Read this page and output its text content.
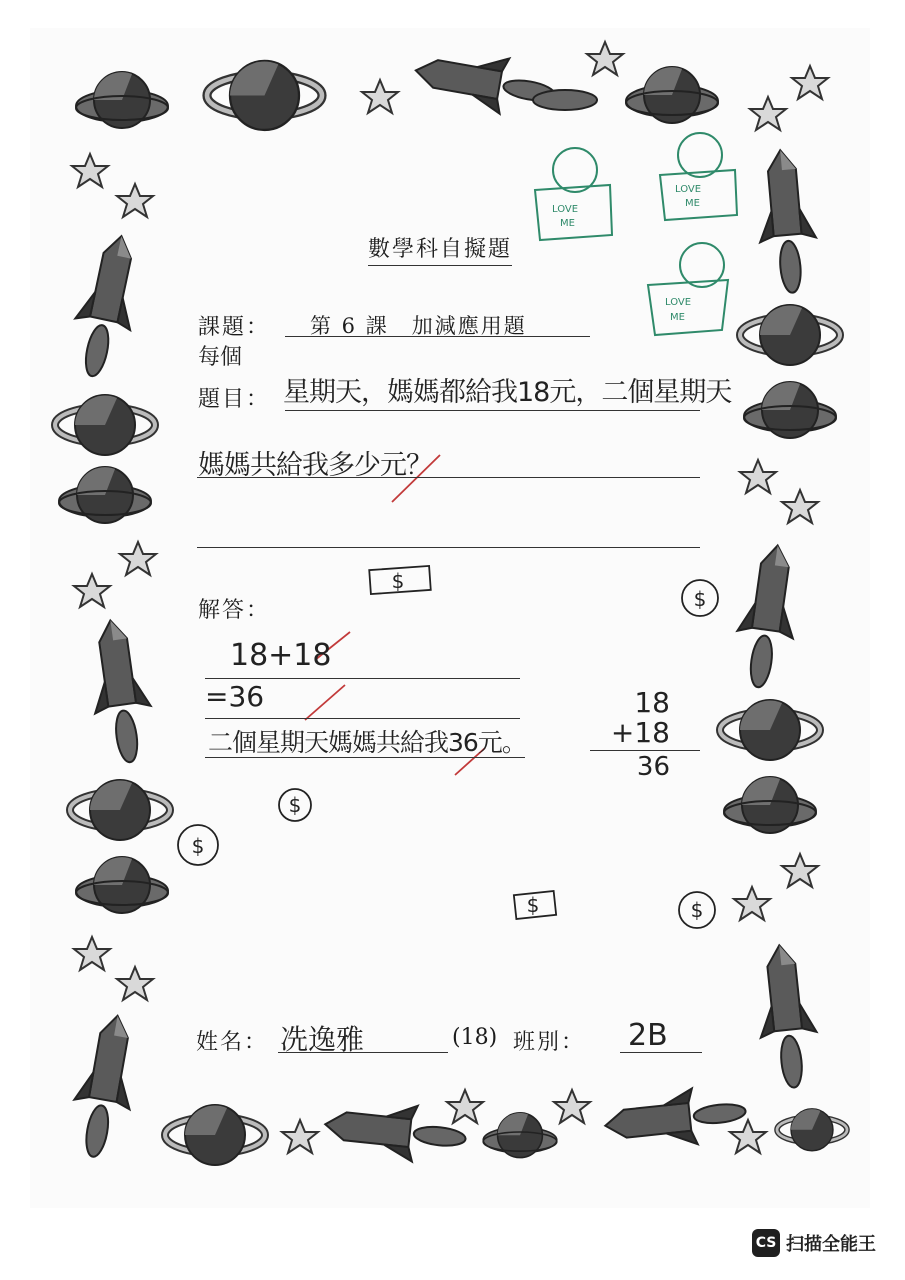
LOVE
ME
LOVE
ME
LOVE
ME
$
$
$
$
$	$
數學科自擬題
課題： 第 6 課　加減應用題
每個
題目： 星期天，媽媽都給我18元，二個星期天
媽媽共給我多少元？
解答：
18+18
=36
二個星期天媽媽共給我36元。
18
+18
36
姓名： 冼逸雅	(18) 班別： 2B
CS 扫描全能王
